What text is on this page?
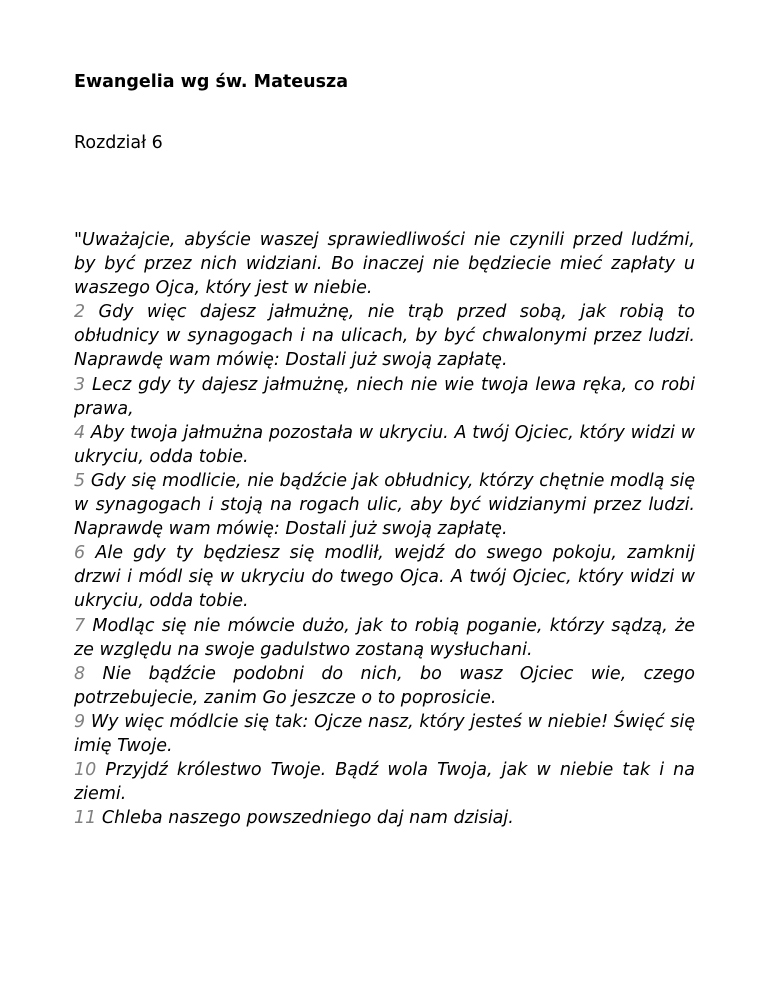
Ewangelia wg św. Mateusza
Rozdział 6

"Uważajcie, abyście waszej sprawiedliwości nie czynili przed ludźmi, by być przez nich widziani. Bo inaczej nie będziecie mieć zapłaty u waszego Ojca, który jest w niebie.

2 Gdy więc dajesz jałmużnę, nie trąb przed sobą, jak robią to obłudnicy w synagogach i na ulicach, by być chwalonymi przez ludzi. Naprawdę wam mówię: Dostali już swoją zapłatę.

3 Lecz gdy ty dajesz jałmużnę, niech nie wie twoja lewa ręka, co robi prawa,

4 Aby twoja jałmużna pozostała w ukryciu. A twój Ojciec, który widzi w ukryciu, odda tobie.

5 Gdy się modlicie, nie bądźcie jak obłudnicy, którzy chętnie modlą się w synagogach i stoją na rogach ulic, aby być widzianymi przez ludzi. Naprawdę wam mówię: Dostali już swoją zapłatę.

6 Ale gdy ty będziesz się modlił, wejdź do swego pokoju, zamknij drzwi i módl się w ukryciu do twego Ojca. A twój Ojciec, który widzi w ukryciu, odda tobie.

7 Modląc się nie mówcie dużo, jak to robią poganie, którzy sądzą, że ze względu na swoje gadulstwo zostaną wysłuchani.

8 Nie bądźcie podobni do nich, bo wasz Ojciec wie, czego potrzebujecie, zanim Go jeszcze o to poprosicie.

9 Wy więc módlcie się tak: Ojcze nasz, który jesteś w niebie! Święć się imię Twoje.

10 Przyjdź królestwo Twoje. Bądź wola Twoja, jak w niebie tak i na ziemi.

11 Chleba naszego powszedniego daj nam dzisiaj.
